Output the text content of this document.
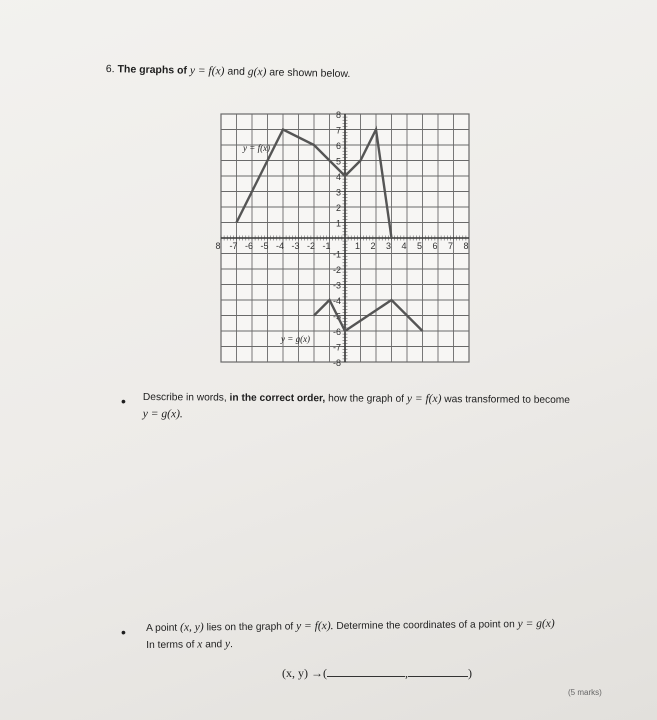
6. The graphs of y = f(x) and g(x) are shown below.
8 -7 -6 -5 -4 -3 -2 -1	1 2 3 4 5 6 7 8
8
7
6
5
4
3
2
1
-1
-2
-3
-4
-5
-6
-7
-8
y = f(x)
y = g(x)
• Describe in words, in the correct order, how the graph of y = f(x) was transformed to become
y = g(x).
• A point (x, y) lies on the graph of y = f(x). Determine the coordinates of a point on y = g(x)
In terms of x and y.
(x, y) →(	,	)
(5 marks)
